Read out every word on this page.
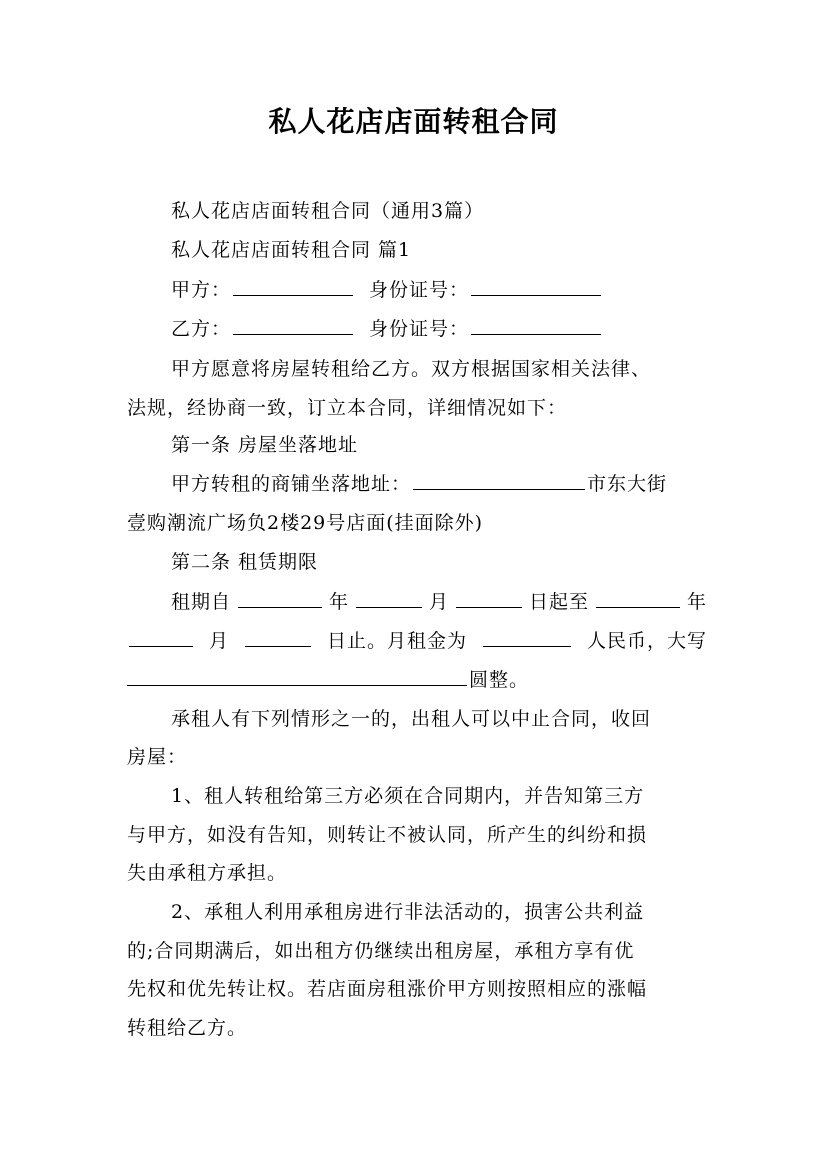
私人花店店面转租合同
私人花店店面转租合同（通用3篇）
私人花店店面转租合同 篇1
甲方：	身份证号：
乙方：	身份证号：
甲方愿意将房屋转租给乙方。双方根据国家相关法律、
法规，经协商一致，订立本合同，详细情况如下：
第一条 房屋坐落地址
甲方转租的商铺坐落地址：	市东大街
壹购潮流广场负2楼29号店面(挂面除外)
第二条 租赁期限
租期自	年	月	日起至	年
月	日止。月租金为	人民币，大写
圆整。
承租人有下列情形之一的，出租人可以中止合同，收回
房屋：
1、租人转租给第三方必须在合同期内，并告知第三方
与甲方，如没有告知，则转让不被认同，所产生的纠纷和损
失由承租方承担。
2、承租人利用承租房进行非法活动的，损害公共利益
的;合同期满后，如出租方仍继续出租房屋，承租方享有优
先权和优先转让权。若店面房租涨价甲方则按照相应的涨幅
转租给乙方。
